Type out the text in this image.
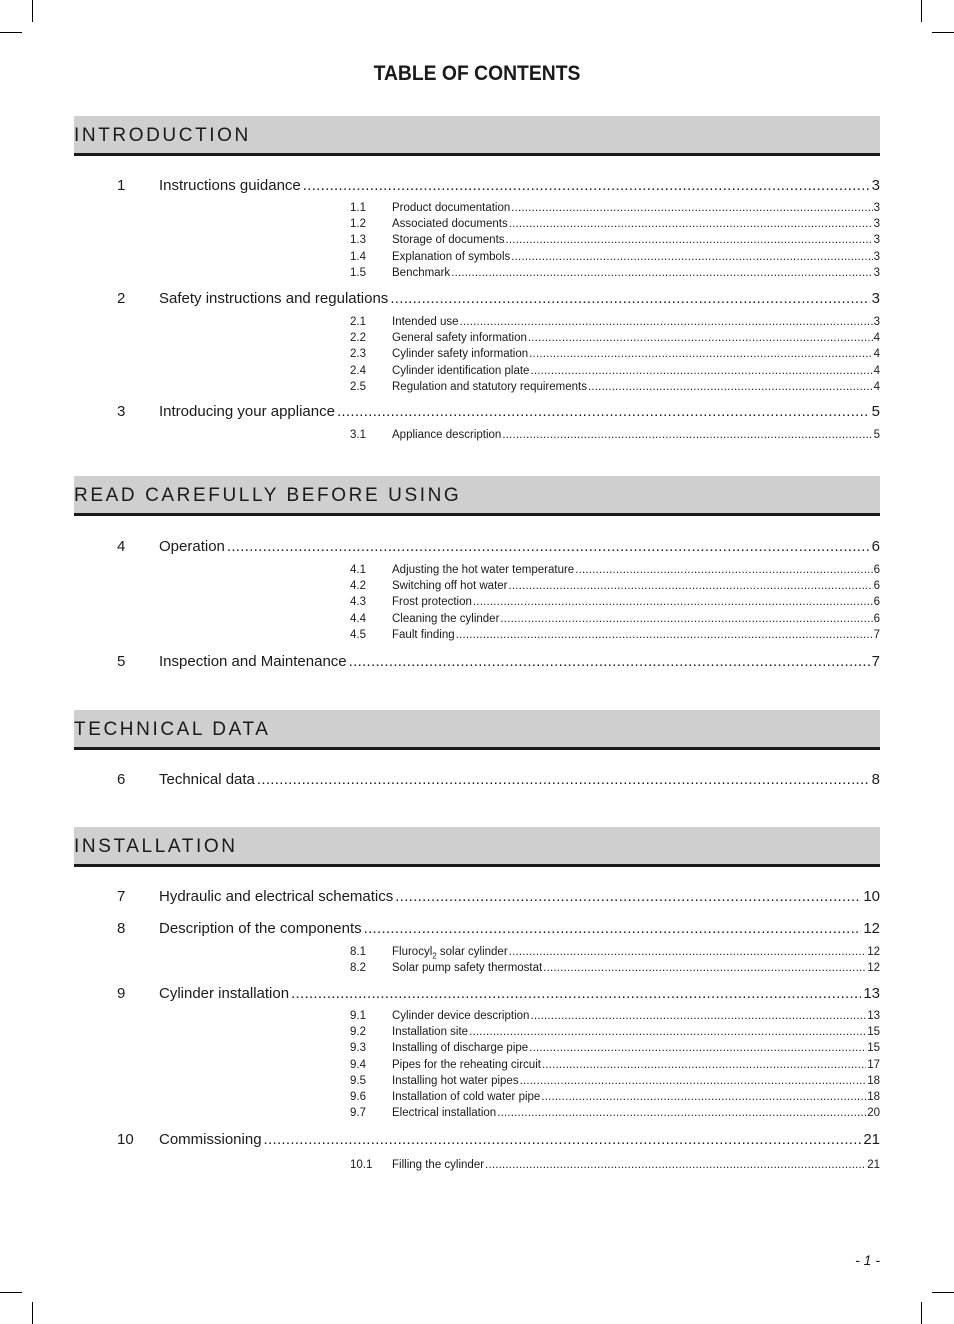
TABLE OF CONTENTS
INTRODUCTION
1	Instructions guidance .....	3
1.1	Product documentation .....	3
1.2	Associated documents .....	3
1.3	Storage of documents .....	3
1.4	Explanation of symbols .....	3
1.5	Benchmark .....	3
2	Safety instructions and regulations .....	3
2.1	Intended use .....	3
2.2	General safety information .....	4
2.3	Cylinder safety information .....	4
2.4	Cylinder identification plate .....	4
2.5	Regulation and statutory requirements .....	4
3	Introducing your appliance .....	5
3.1	Appliance description .....	5
READ CAREFULLY BEFORE USING
4	Operation .....	6
4.1	Adjusting the hot water temperature .....	6
4.2	Switching off hot water .....	6
4.3	Frost protection .....	6
4.4	Cleaning the cylinder .....	6
4.5	Fault finding .....	7
5	Inspection and Maintenance .....	7
TECHNICAL DATA
6	Technical data .....	8
INSTALLATION
7	Hydraulic and electrical schematics .....	10
8	Description of the components .....	12
8.1	Flurocyl$_2$ solar cylinder .....	12
8.2	Solar pump safety thermostat .....	12
9	Cylinder installation .....	13
9.1	Cylinder device description .....	13
9.2	Installation site .....	15
9.3	Installing of discharge pipe .....	15
9.4	Pipes for the reheating circuit .....	17
9.5	Installing hot water pipes .....	18
9.6	Installation of cold water pipe .....	18
9.7	Electrical installation .....	20
10	Commissioning .....	21
10.1	Filling the cylinder .....	21
- 1 -
